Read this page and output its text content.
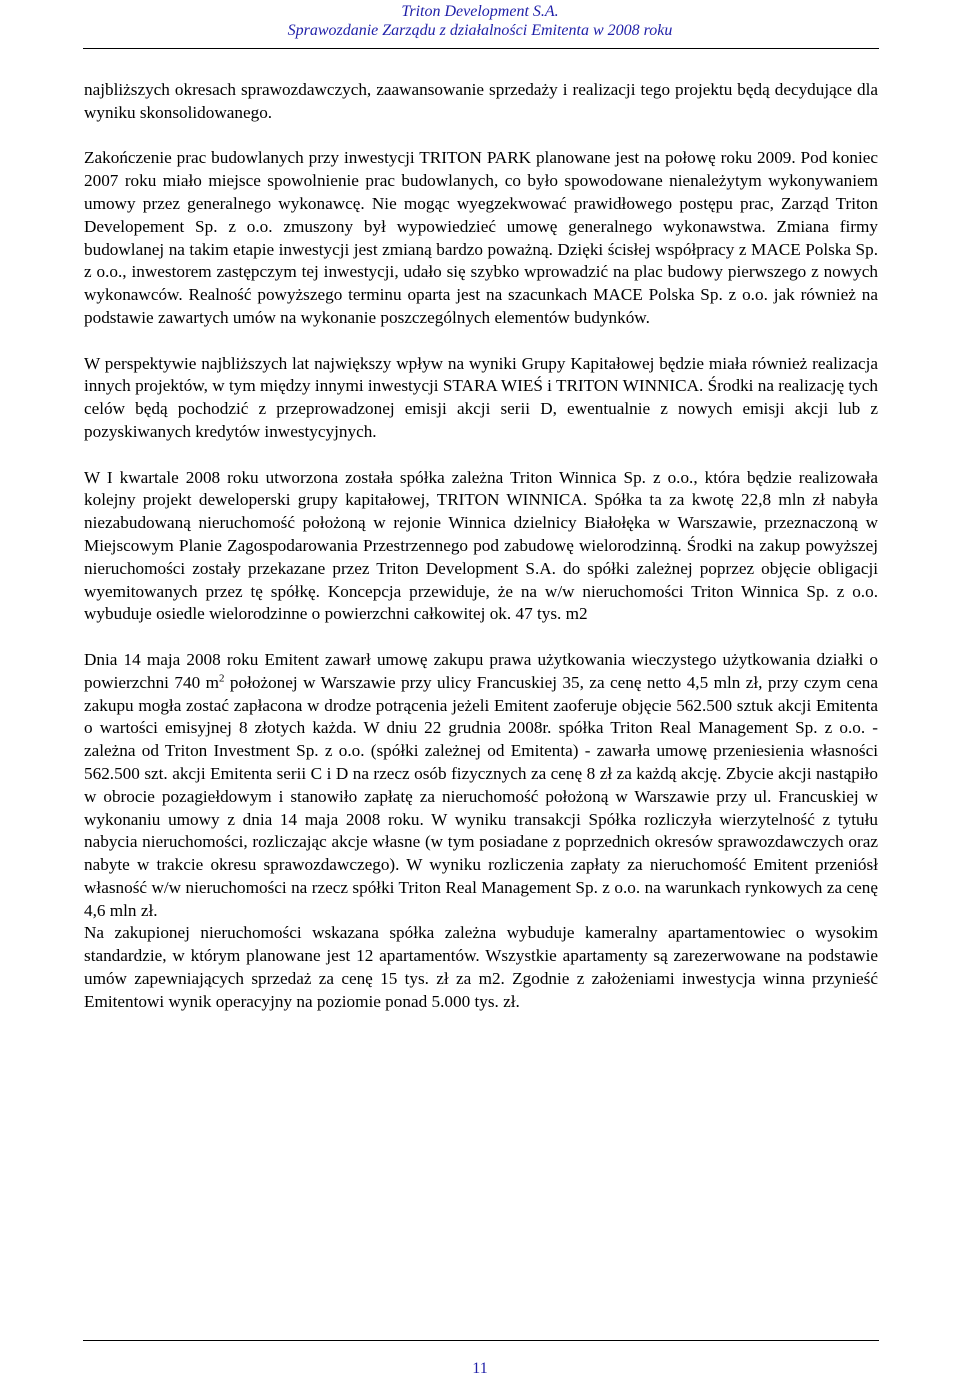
Triton Development S.A.
Sprawozdanie Zarządu z działalności Emitenta w 2008 roku

najbliższych okresach sprawozdawczych, zaawansowanie sprzedaży i realizacji tego projektu będą decydujące dla wyniku skonsolidowanego.

Zakończenie prac budowlanych przy inwestycji TRITON PARK planowane jest na połowę roku 2009. Pod koniec 2007 roku miało miejsce spowolnienie prac budowlanych, co było spowodowane nienależytym wykonywaniem umowy przez generalnego wykonawcę. Nie mogąc wyegzekwować prawidłowego postępu prac, Zarząd Triton Developement Sp. z o.o. zmuszony był wypowiedzieć umowę generalnego wykonawstwa. Zmiana firmy budowlanej na takim etapie inwestycji jest zmianą bardzo poważną. Dzięki ścisłej współpracy z MACE Polska Sp. z o.o., inwestorem zastępczym tej inwestycji, udało się szybko wprowadzić na plac budowy pierwszego z nowych wykonawców. Realność powyższego terminu oparta jest na szacunkach MACE Polska Sp. z o.o. jak również na podstawie zawartych umów na wykonanie poszczególnych elementów budynków.

W perspektywie najbliższych lat największy wpływ na wyniki Grupy Kapitałowej będzie miała również realizacja innych projektów, w tym między innymi inwestycji STARA WIEŚ i TRITON WINNICA. Środki na realizację tych celów będą pochodzić z przeprowadzonej emisji akcji serii D, ewentualnie z nowych emisji akcji lub z pozyskiwanych kredytów inwestycyjnych.

W I kwartale 2008 roku utworzona została spółka zależna Triton Winnica Sp. z o.o., która będzie realizowała kolejny projekt deweloperski grupy kapitałowej, TRITON WINNICA. Spółka ta za kwotę 22,8 mln zł nabyła niezabudowaną nieruchomość położoną w rejonie Winnica dzielnicy Białołęka w Warszawie, przeznaczoną w Miejscowym Planie Zagospodarowania Przestrzennego pod zabudowę wielorodzinną. Środki na zakup powyższej nieruchomości zostały przekazane przez Triton Development S.A. do spółki zależnej poprzez objęcie obligacji wyemitowanych przez tę spółkę. Koncepcja przewiduje, że na w/w nieruchomości Triton Winnica Sp. z o.o. wybuduje osiedle wielorodzinne o powierzchni całkowitej ok. 47 tys. m2

Dnia 14 maja 2008 roku Emitent zawarł umowę zakupu prawa użytkowania wieczystego użytkowania działki o powierzchni 740 $m^2$ położonej w Warszawie przy ulicy Francuskiej 35, za cenę netto 4,5 mln zł, przy czym cena zakupu mogła zostać zapłacona w drodze potrącenia jeżeli Emitent zaoferuje objęcie 562.500 sztuk akcji Emitenta o wartości emisyjnej 8 złotych każda. W dniu 22 grudnia 2008r. spółka Triton Real Management Sp. z o.o. - zależna od Triton Investment Sp. z o.o. (spółki zależnej od Emitenta) - zawarła umowę przeniesienia własności 562.500 szt. akcji Emitenta serii C i D na rzecz osób fizycznych za cenę 8 zł za każdą akcję. Zbycie akcji nastąpiło w obrocie pozagiełdowym i stanowiło zapłatę za nieruchomość położoną w Warszawie przy ul. Francuskiej w wykonaniu umowy z dnia 14 maja 2008 roku. W wyniku transakcji Spółka rozliczyła wierzytelność z tytułu nabycia nieruchomości, rozliczając akcje własne (w tym posiadane z poprzednich okresów sprawozdawczych oraz nabyte w trakcie okresu sprawozdawczego). W wyniku rozliczenia zapłaty za nieruchomość Emitent przeniósł własność w/w nieruchomości na rzecz spółki Triton Real Management Sp. z o.o. na warunkach rynkowych za cenę 4,6 mln zł.

Na zakupionej nieruchomości wskazana spółka zależna wybuduje kameralny apartamentowiec o wysokim standardzie, w którym planowane jest 12 apartamentów. Wszystkie apartamenty są zarezerwowane na podstawie umów zapewniających sprzedaż za cenę 15 tys. zł za m2. Zgodnie z założeniami inwestycja winna przynieść Emitentowi wynik operacyjny na poziomie ponad 5.000 tys. zł.

11
